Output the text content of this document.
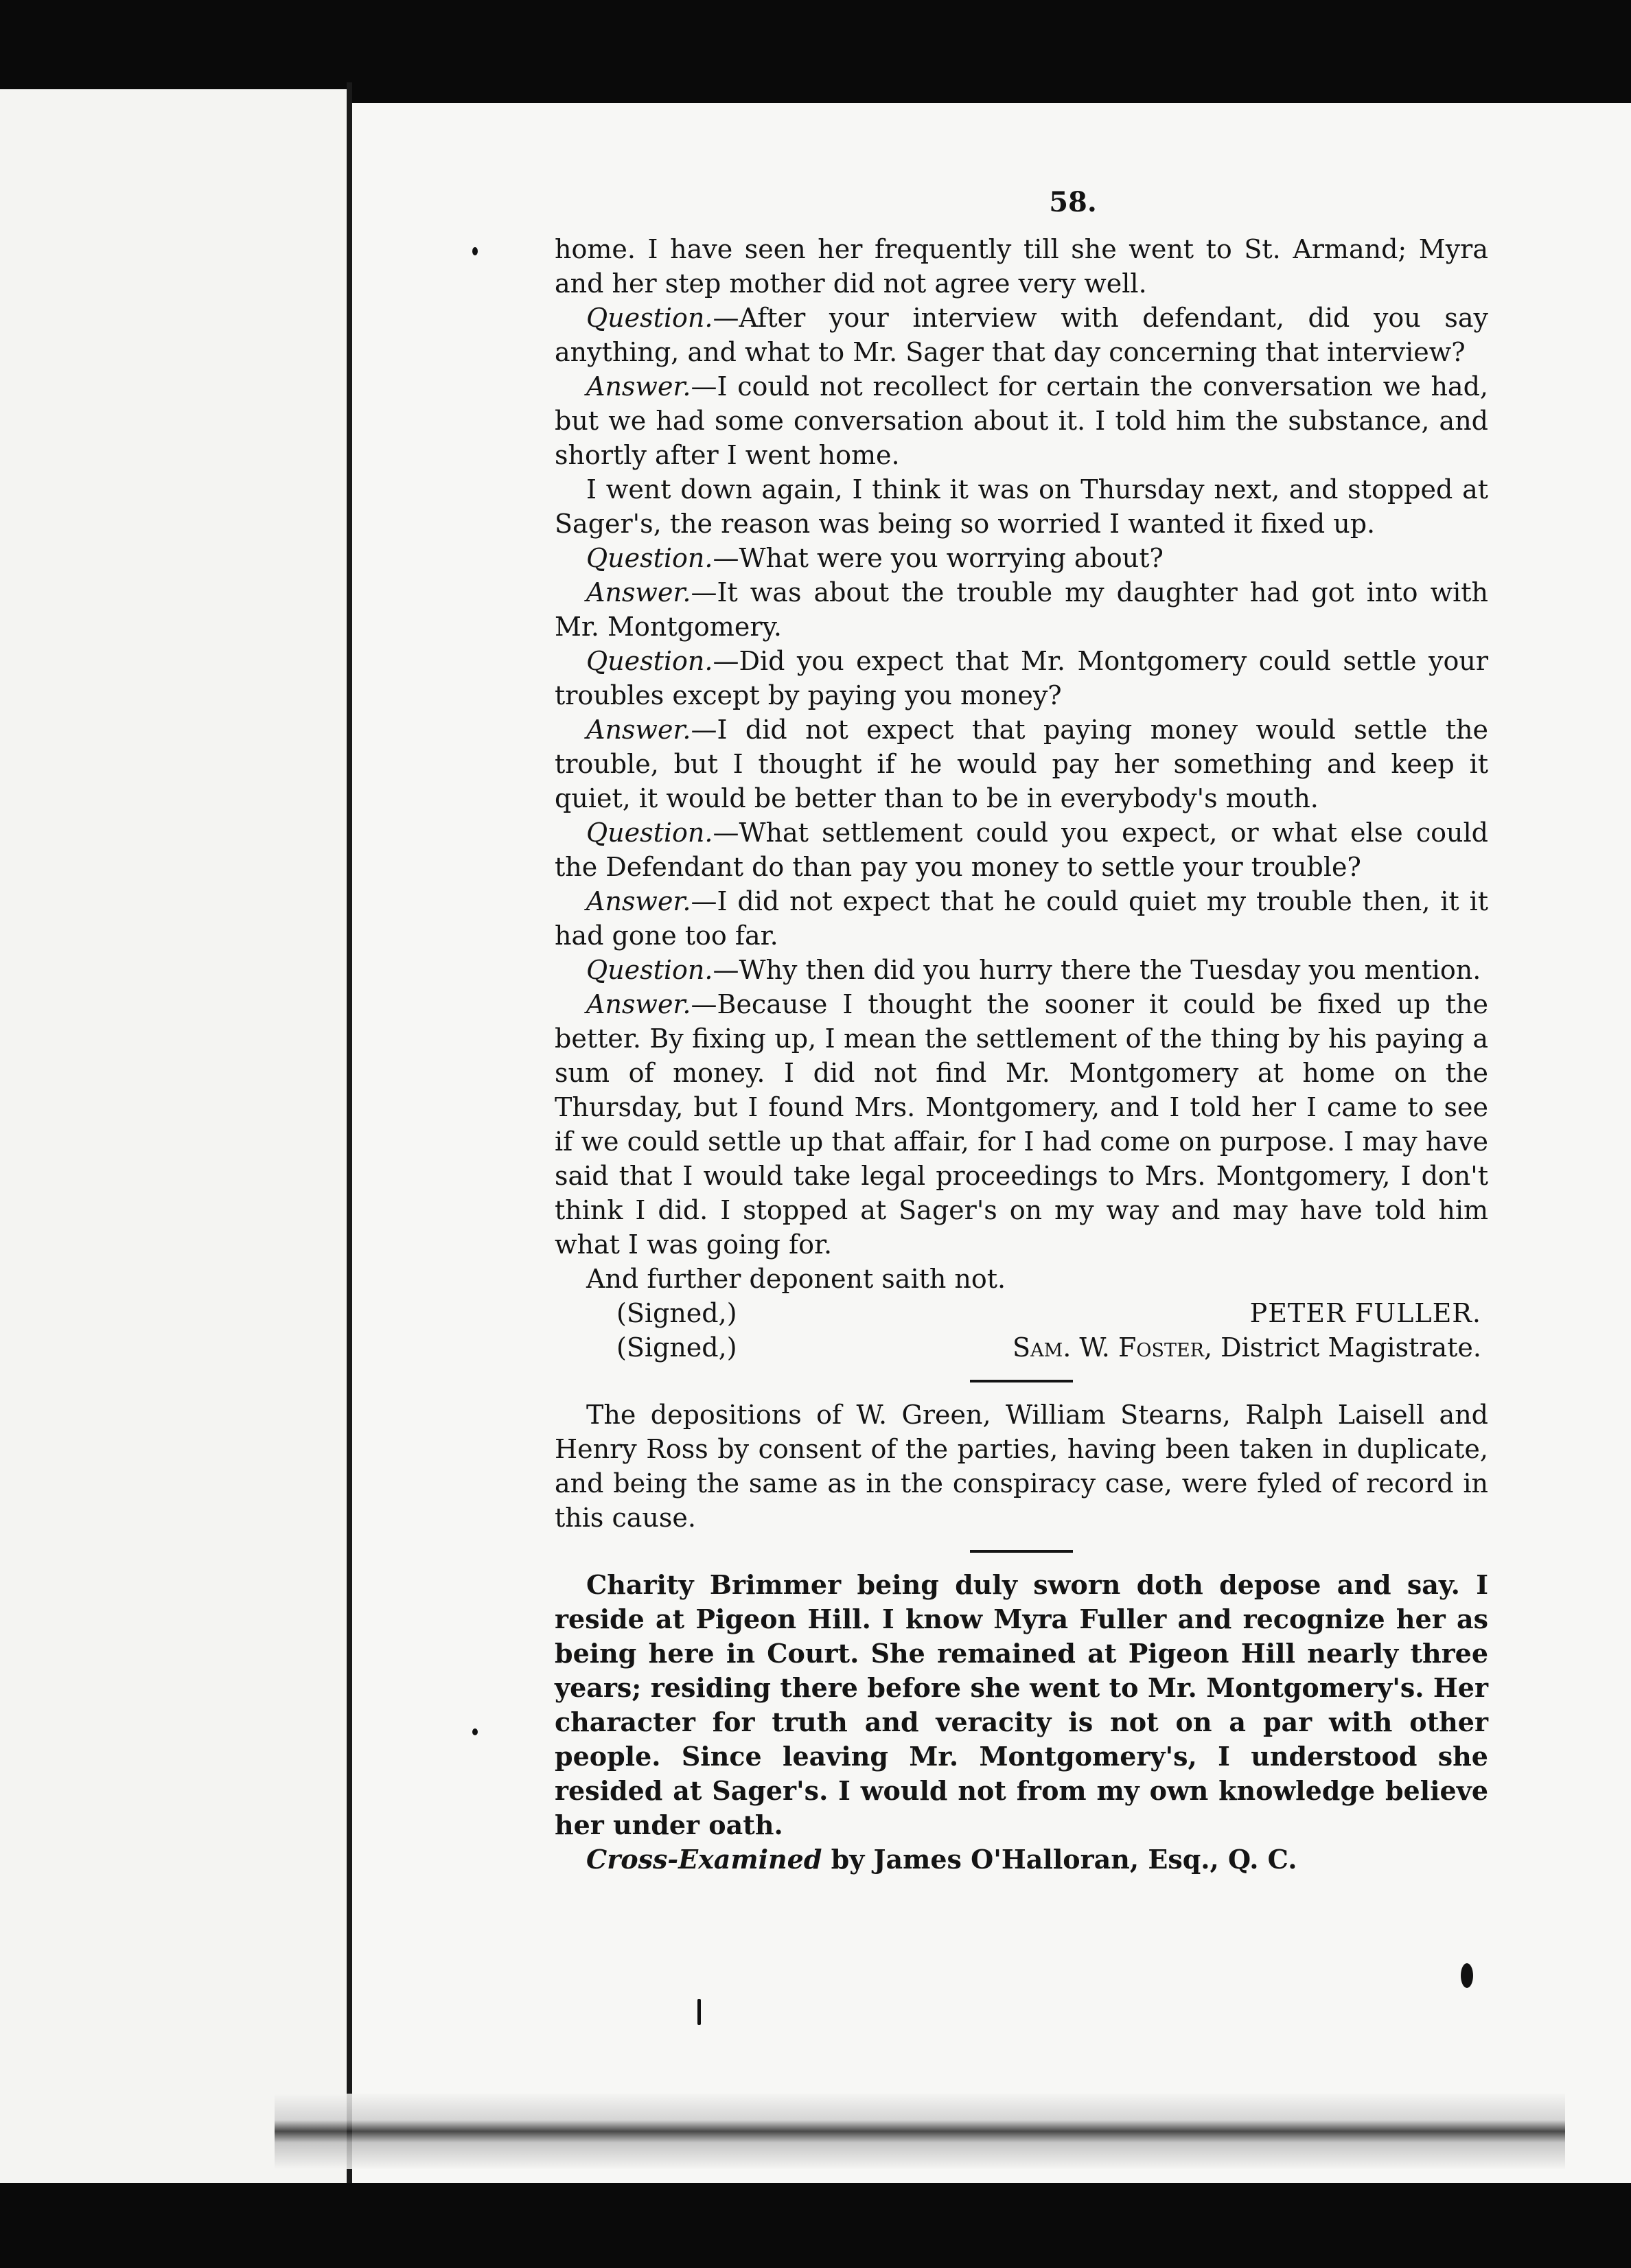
58.

home. I have seen her frequently till she went to St. Armand; Myra and her step mother did not agree very well.

Question.—After your interview with defendant, did you say anything, and what to Mr. Sager that day concerning that interview?

Answer.—I could not recollect for certain the conversation we had, but we had some conversation about it. I told him the substance, and shortly after I went home.

I went down again, I think it was on Thursday next, and stopped at Sager's, the reason was being so worried I wanted it fixed up.

Question.—What were you worrying about?

Answer.—It was about the trouble my daughter had got into with Mr. Montgomery.

Question.—Did you expect that Mr. Montgomery could settle your troubles except by paying you money?

Answer.—I did not expect that paying money would settle the trouble, but I thought if he would pay her something and keep it quiet, it would be better than to be in everybody's mouth.

Question.—What settlement could you expect, or what else could the Defendant do than pay you money to settle your trouble?

Answer.—I did not expect that he could quiet my trouble then, it it had gone too far.

Question.—Why then did you hurry there the Tuesday you mention.

Answer.—Because I thought the sooner it could be fixed up the better. By fixing up, I mean the settlement of the thing by his paying a sum of money. I did not find Mr. Montgomery at home on the Thursday, but I found Mrs. Montgomery, and I told her I came to see if we could settle up that affair, for I had come on purpose. I may have said that I would take legal proceedings to Mrs. Montgomery, I don't think I did. I stopped at Sager's on my way and may have told him what I was going for.

And further deponent saith not.

(Signed,)	PETER FULLER.
(Signed,)	Sam. W. Foster, District Magistrate.

The depositions of W. Green, William Stearns, Ralph Laisell and Henry Ross by consent of the parties, having been taken in duplicate, and being the same as in the conspiracy case, were fyled of record in this cause.

Charity Brimmer being duly sworn doth depose and say. I reside at Pigeon Hill. I know Myra Fuller and recognize her as being here in Court. She remained at Pigeon Hill nearly three years; residing there before she went to Mr. Montgomery's. Her character for truth and veracity is not on a par with other people. Since leaving Mr. Montgomery's, I understood she resided at Sager's. I would not from my own knowledge believe her under oath.

Cross-Examined by James O'Halloran, Esq., Q. C.
